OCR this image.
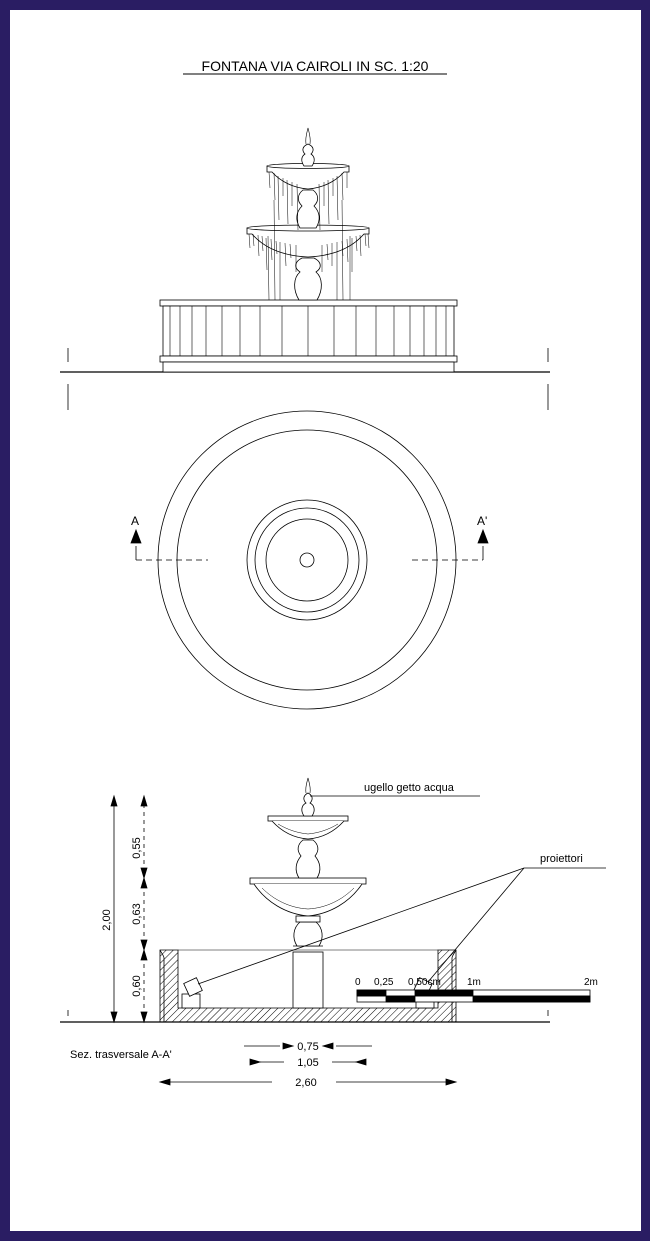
FONTANA VIA CAIROLI IN SC. 1:20
A	A'
ugello getto acqua
proiettori
Sez. trasversale A-A'
2,00
0,55
0,63
0,60
0,75
1,05
2,60
0 0,25 0,50cm	1m	2m
